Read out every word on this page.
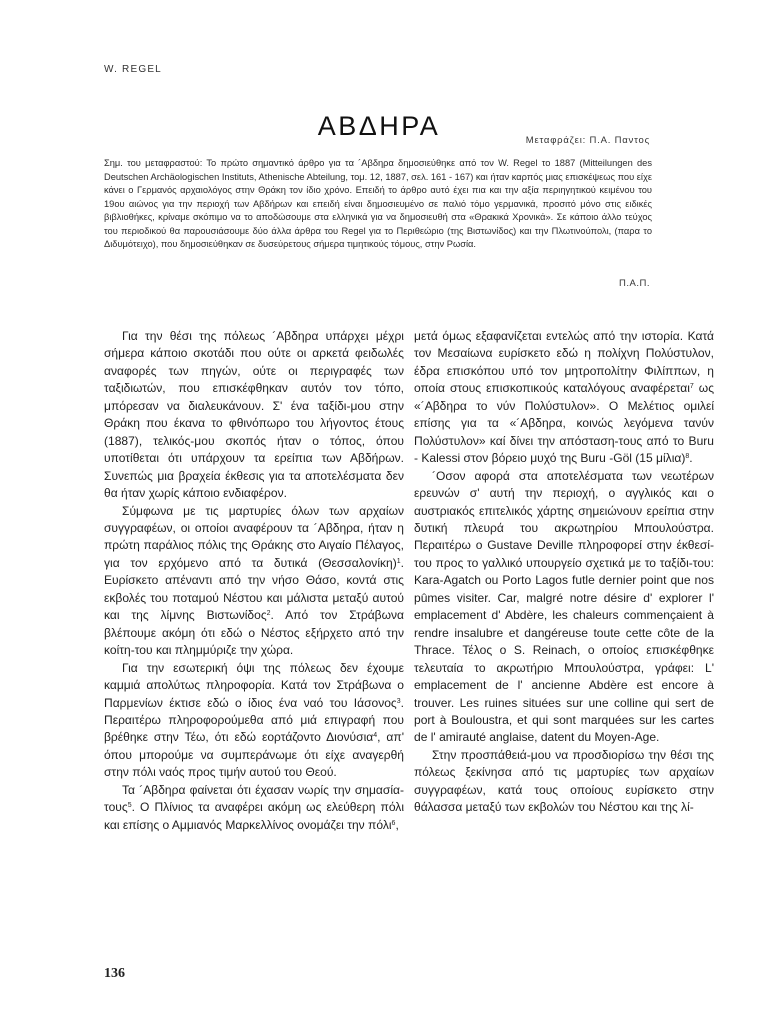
W. REGEL
ΑΒΔΗΡΑ	Μεταφράζει: Π.Α. Παντος
Σημ. του μεταφραστού: Το πρώτο σημαντικό άρθρο για τα ´Αβδηρα δημοσιεύθηκε από τον W. Regel το 1887 (Mitteilungen des Deutschen Archäologischen Instituts, Athenische Abteilung, τομ. 12, 1887, σελ. 161 - 167) και ήταν καρπός μιας επισκέψεως που είχε κάνει ο Γερμανός αρχαιολόγος στην Θράκη τον ίδιο χρόνο. Επειδή το άρθρο αυτό έχει πια και την αξία περιηγητικού κειμένου του 19ου αιώνος για την περιοχή των Αβδήρων και επειδή είναι δημοσιευμένο σε παλιό τόμο γερμανικά, προσιτό μόνο στις ειδικές βιβλιοθήκες, κρίναμε σκόπιμο να το αποδώσουμε στα ελληνικά για να δημοσιευθή στα «Θρακικά Χρονικά». Σε κάποιο άλλο τεύχος του περιοδικού θα παρουσιάσουμε δύο άλλα άρθρα του Regel για το Περιθεώριο (της Βιστωνίδος) και την Πλωτινούπολι, (παρα το Διδυμότειχο), που δημοσιεύθηκαν σε δυσεύρετους σήμερα τιμητικούς τόμους, στην Ρωσία.
Π.Α.Π.

Για την θέσι της πόλεως ´Αβδηρα υπάρχει μέχρι σήμερα κάποιο σκοτάδι που ούτε οι αρκετά φειδωλές αναφορές των πηγών, ούτε οι περιγραφές των ταξιδιωτών, που επισκέφθηκαν αυτόν τον τόπο, μπόρεσαν να διαλευκάνουν. Σ' ένα ταξίδι-μου στην Θράκη που έκανα το φθινόπωρο του λήγοντος έτους (1887), τελικός-μου σκοπός ήταν ο τόπος, όπου υποτίθεται ότι υπάρχουν τα ερείπια των Αβδήρων. Συνεπώς μια βραχεία έκθεσις για τα αποτελέσματα δεν θα ήταν χωρίς κάποιο ενδιαφέρον.

Σύμφωνα με τις μαρτυρίες όλων των αρχαίων συγγραφέων, οι οποίοι αναφέρουν τα ´Αβδηρα, ήταν η πρώτη παράλιος πόλις της Θράκης στο Αιγαίο Πέλαγος, για τον ερχόμενο από τα δυτικά $(\Theta\varepsilon\sigma\sigma\alpha\lambda o\nu ί\kappa\eta)^1$. Ευρίσκετο απέναντι από την νήσο Θάσο, κοντά στις εκβολές του ποταμού Νέστου και μάλιστα μεταξύ αυτού και της λίμνης Βιστωνίδος$^2$. Από τον Στράβωνα βλέπουμε ακόμη ότι εδώ ο Νέστος εξήρχετο από την κοίτη-του και πλημμύριζε την χώρα.

Για την εσωτερική όψι της πόλεως δεν έχουμε καμμιά απολύτως πληροφορία. Κατά τον Στράβωνα ο Παρμενίων έκτισε εδώ ο ίδιος ένα ναό του Ιάσονος$^3$. Περαιτέρω πληροφορούμεθα από μιά επιγραφή που βρέθηκε στην Τέω, ότι εδώ εορτάζοντο Διονύσια$^4$, απ' όπου μπορούμε να συμπεράνωμε ότι είχε αναγερθή στην πόλι ναός προς τιμήν αυτού του Θεού.

Τα ´Αβδηρα φαίνεται ότι έχασαν νωρίς την σημασία-τους$^5$. Ο Πλίνιος τα αναφέρει ακόμη ως ελεύθερη πόλι και επίσης ο Αμμιανός Μαρκελλίνος ονομάζει την πόλι$^6$,

μετά όμως εξαφανίζεται εντελώς από την ιστορία. Κατά τον Μεσαίωνα ευρίσκετο εδώ η πολίχνη Πολύστυλον, έδρα επισκόπου υπό τον μητροπολίτην Φιλίππων, η οποία στους επισκοπικούς καταλόγους αναφέρεται$^7$ ως «´Αβδηρα το νύν Πολύστυλον». Ο Μελέτιος ομιλεί επίσης για τα «´Αβδηρα, κοινώς λεγόμενα τανύν Πολύστυλον» καί δίνει την απόσταση-τους από το Buru - Kalessi στον βόρειο μυχό της Buru -Göl (15 μίλια)$^8$.

´Οσον αφορά στα αποτελέσματα των νεωτέρων ερευνών σ' αυτή την περιοχή, ο αγγλικός και ο αυστριακός επιτελικός χάρτης σημειώνουν ερείπια στην δυτική πλευρά του ακρωτηρίου Μπουλούστρα. Περαιτέρω ο Gustave Deville πληροφορεί στην έκθεσί-του προς το γαλλικό υπουργείο σχετικά με το ταξίδι-του: Kara-Agatch ou Porto Lagos futle dernier point que nos pûmes visiter. Car, malgré notre désire d' explorer l' emplacement d' Abdère, les chaleurs commençaient à rendre insalubre et dangéreuse toute cette côte de la Thrace. Τέλος ο S. Reinach, ο οποίος επισκέφθηκε τελευταία το ακρωτήριο Μπουλούστρα, γράφει: L' emplacement de l' ancienne Abdère est encore à trouver. Les ruines situées sur une colline qui sert de port à Bouloustra, et qui sont marquées sur les cartes de l' amirauté anglaise, datent du Moyen-Age.

Στην προσπάθειά-μου να προσδιορίσω την θέσι της πόλεως ξεκίνησα από τις μαρτυρίες των αρχαίων συγγραφέων, κατά τους οποίους ευρίσκετο στην θάλασσα μεταξύ των εκβολών του Νέστου και της λί-

136
